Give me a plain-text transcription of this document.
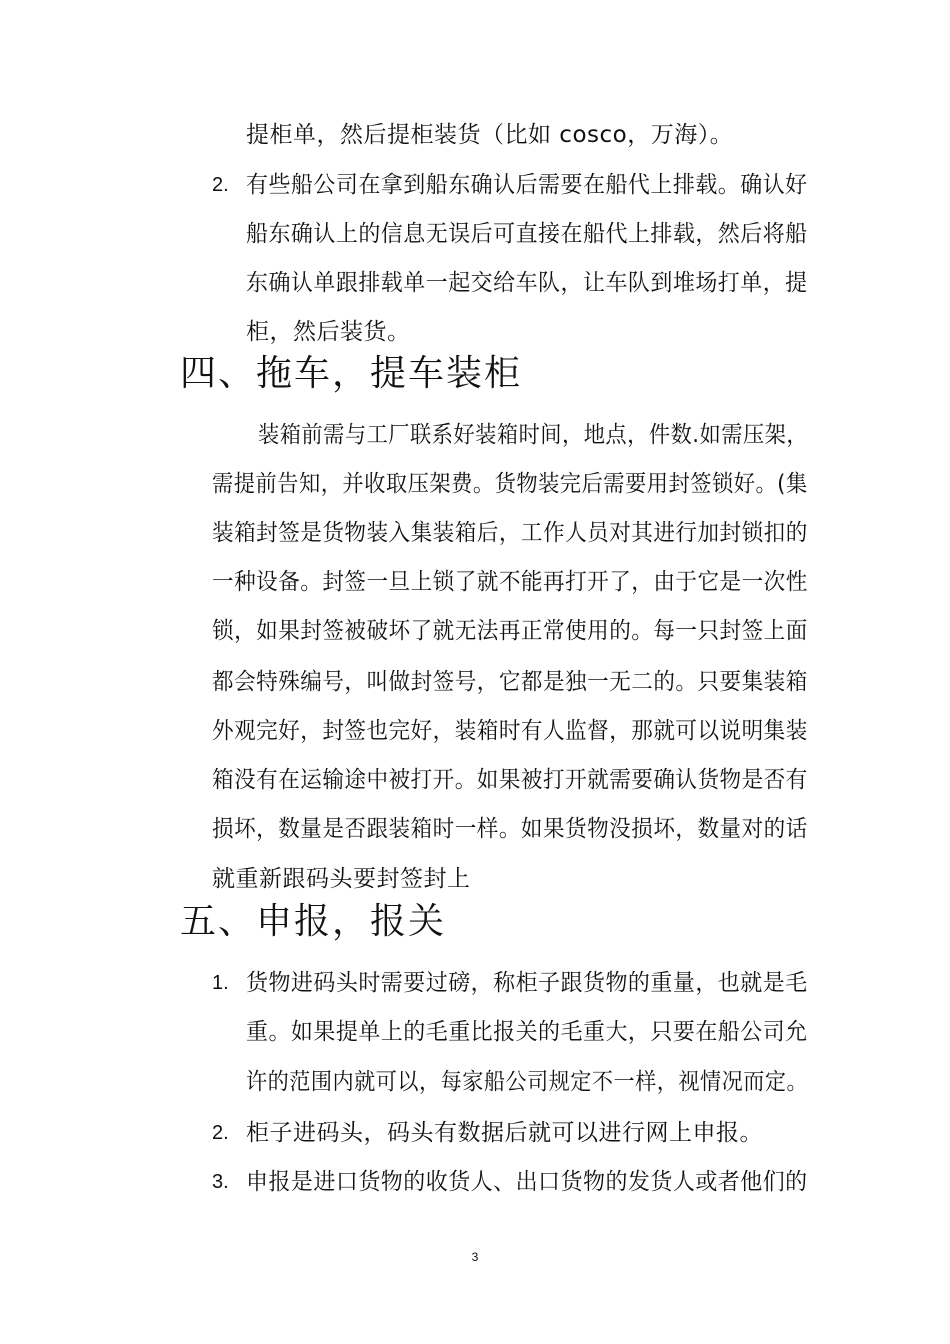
提柜单，然后提柜装货（比如 cosco，万海）。
2. 有些船公司在拿到船东确认后需要在船代上排载。确认好
船东确认上的信息无误后可直接在船代上排载，然后将船
东确认单跟排载单一起交给车队，让车队到堆场打单，提
柜，然后装货。
四、拖车，提车装柜
装箱前需与工厂联系好装箱时间，地点，件数.如需压架，
需提前告知，并收取压架费。货物装完后需要用封签锁好。(集
装箱封签是货物装入集装箱后，工作人员对其进行加封锁扣的
一种设备。封签一旦上锁了就不能再打开了，由于它是一次性
锁，如果封签被破坏了就无法再正常使用的。每一只封签上面
都会特殊编号，叫做封签号，它都是独一无二的。只要集装箱
外观完好，封签也完好，装箱时有人监督，那就可以说明集装
箱没有在运输途中被打开。如果被打开就需要确认货物是否有
损坏，数量是否跟装箱时一样。如果货物没损坏，数量对的话
就重新跟码头要封签封上
五、申报，报关
1. 货物进码头时需要过磅，称柜子跟货物的重量，也就是毛
重。如果提单上的毛重比报关的毛重大，只要在船公司允
许的范围内就可以，每家船公司规定不一样，视情况而定。
2. 柜子进码头，码头有数据后就可以进行网上申报。
3. 申报是进口货物的收货人、出口货物的发货人或者他们的
3
